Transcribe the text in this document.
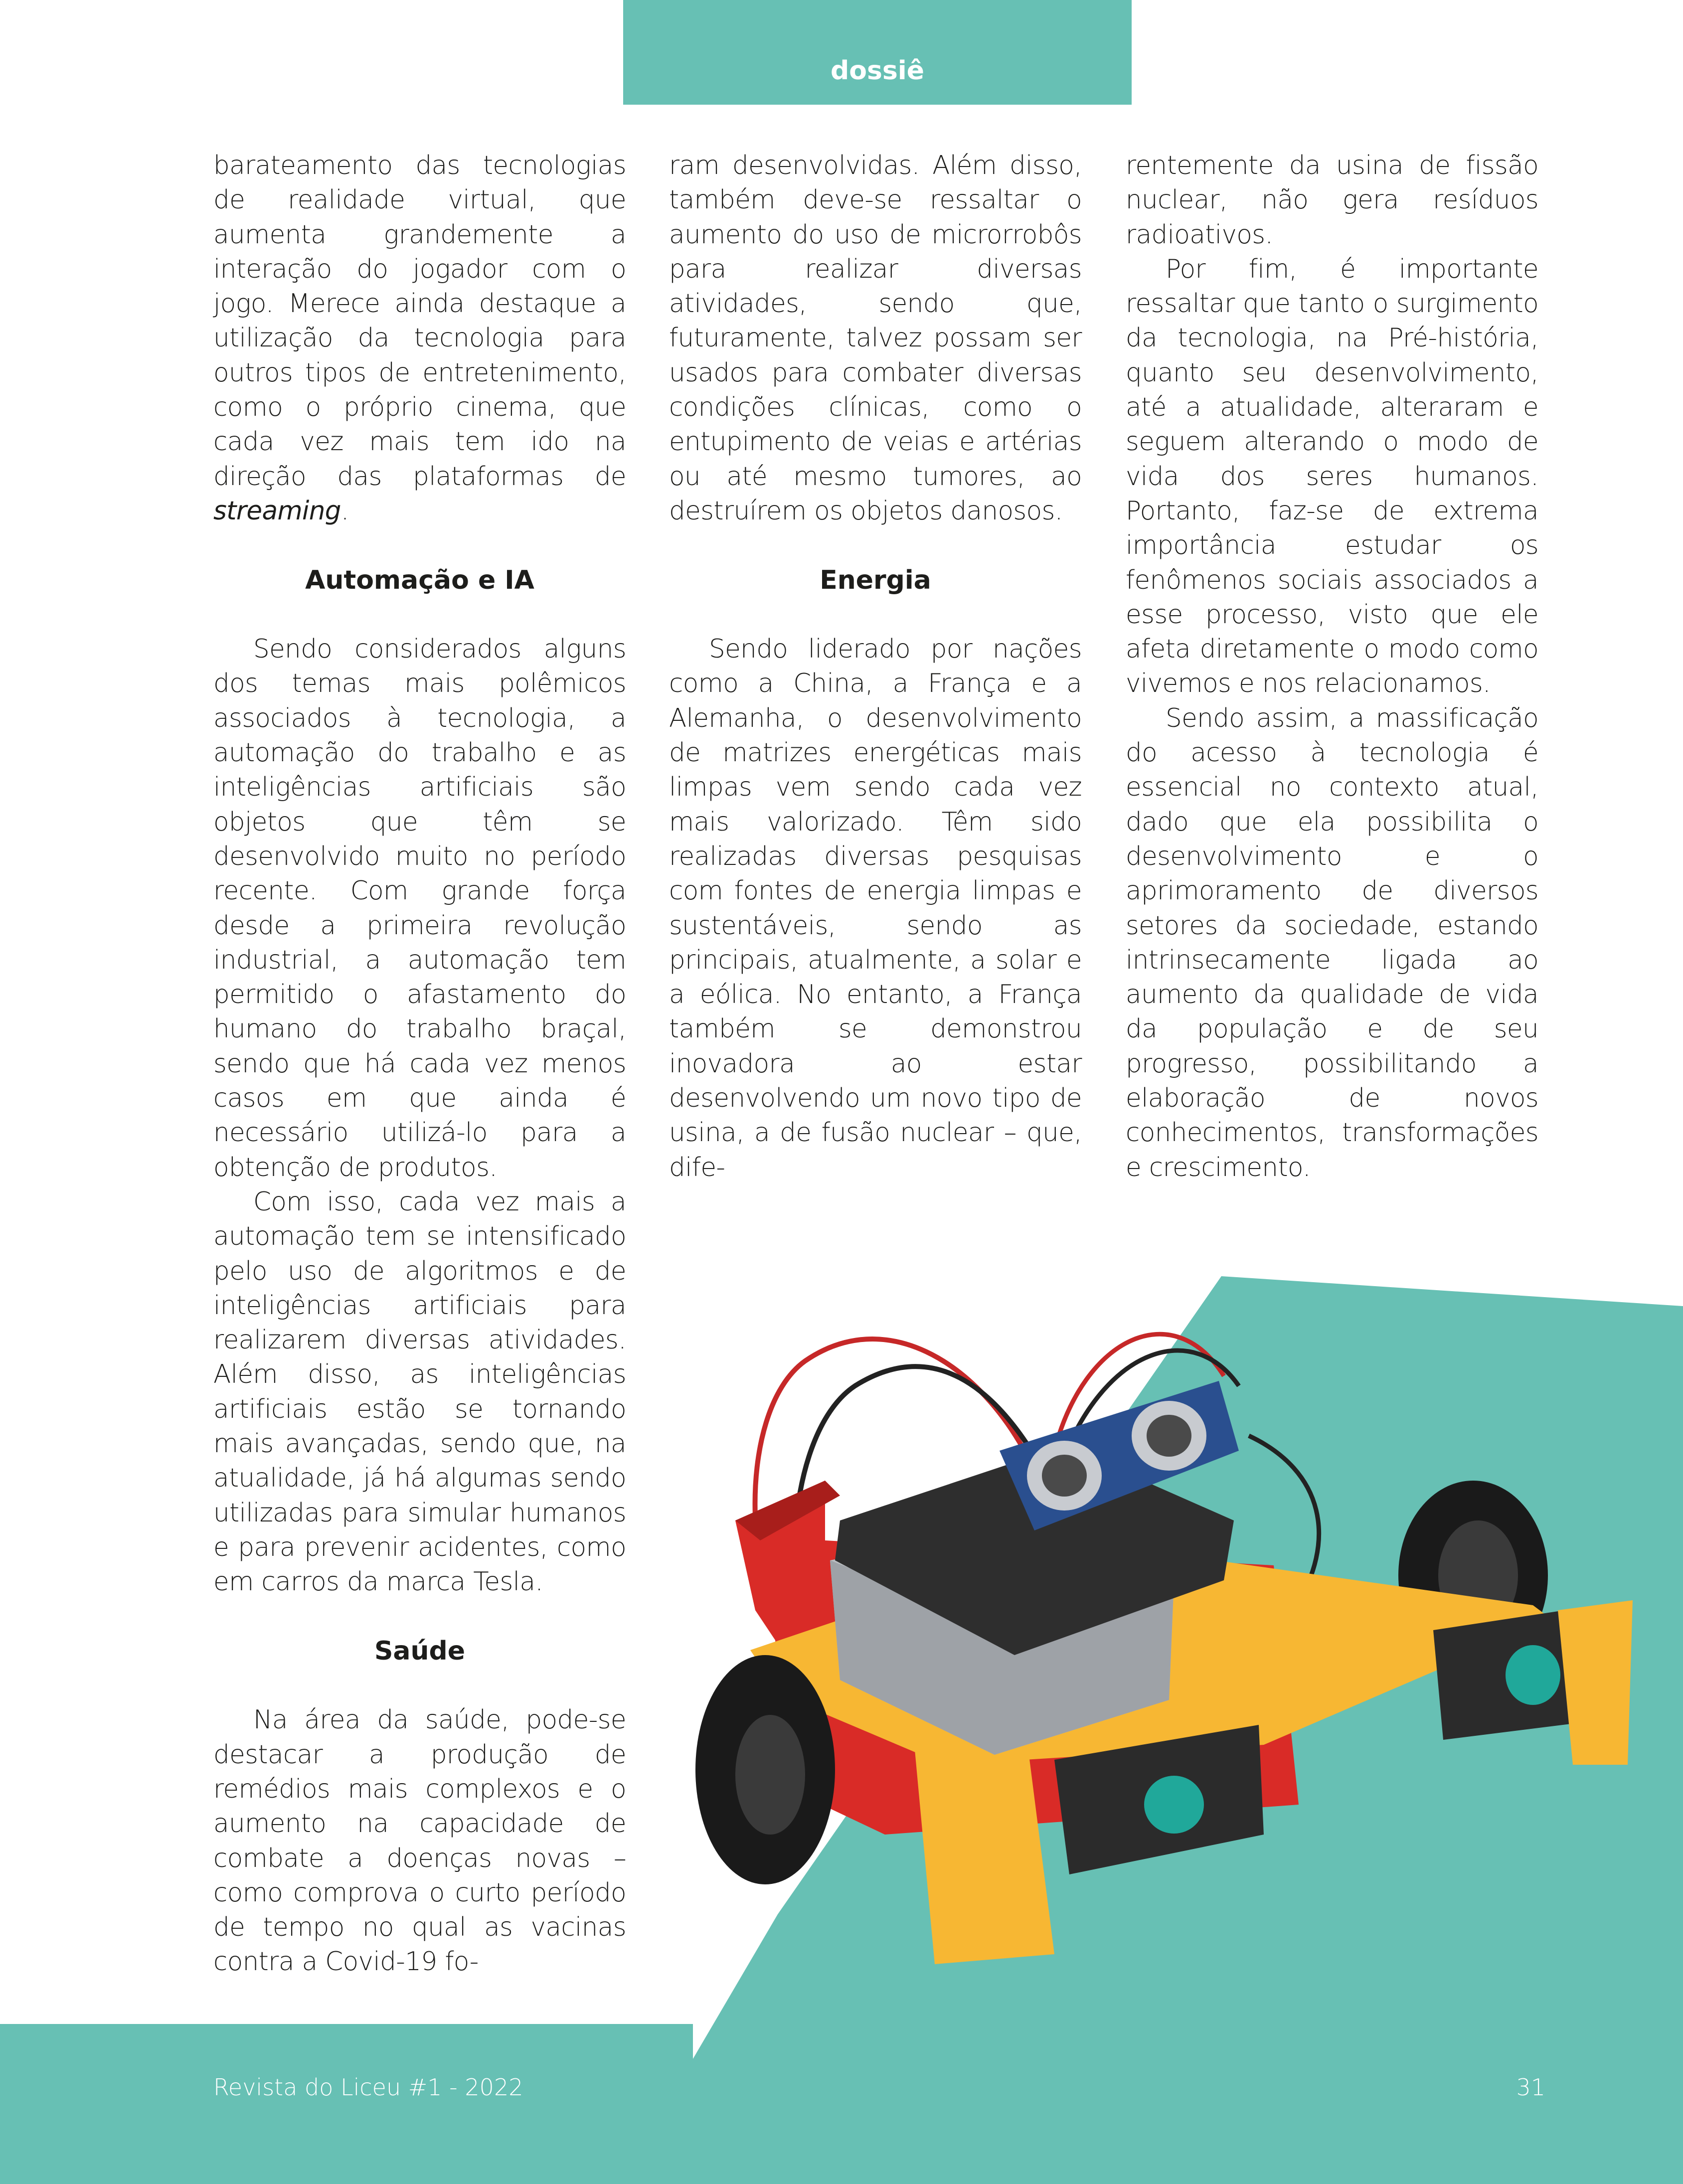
dossiê

barateamento das tecnologias de realidade virtual, que aumenta grandemente a interação do jogador com o jogo. Merece ainda destaque a utilização da tecnologia para outros tipos de entretenimento, como o próprio cinema, que cada vez mais tem ido na direção das plataformas de streaming.

Automação e IA

Sendo considerados alguns dos temas mais polêmicos associados à tecnologia, a automação do trabalho e as inteligências artificiais são objetos que têm se desenvolvido muito no período recente. Com grande força desde a primeira revolução industrial, a automação tem permitido o afastamento do humano do trabalho braçal, sendo que há cada vez menos casos em que ainda é necessário utilizá-lo para a obtenção de produtos.

Com isso, cada vez mais a automação tem se intensificado pelo uso de algoritmos e de inteligências artificiais para realizarem diversas atividades. Além disso, as inteligências artificiais estão se tornando mais avançadas, sendo que, na atualidade, já há algumas sendo utilizadas para simular humanos e para prevenir acidentes, como em carros da marca Tesla.

Saúde

Na área da saúde, pode-se destacar a produção de remédios mais complexos e o aumento na capacidade de combate a doenças novas – como comprova o curto período de tempo no qual as vacinas contra a Covid-19 fo-

ram desenvolvidas. Além disso, também deve-se ressaltar o aumento do uso de microrrobôs para realizar diversas atividades, sendo que, futuramente, talvez possam ser usados para combater diversas condições clínicas, como o entupimento de veias e artérias ou até mesmo tumores, ao destruírem os objetos danosos.

Energia

Sendo liderado por nações como a China, a França e a Alemanha, o desenvolvimento de matrizes energéticas mais limpas vem sendo cada vez mais valorizado. Têm sido realizadas diversas pesquisas com fontes de energia limpas e sustentáveis, sendo as principais, atualmente, a solar e a eólica. No entanto, a França também se demonstrou inovadora ao estar desenvolvendo um novo tipo de usina, a de fusão nuclear – que, dife-

rentemente da usina de fissão nuclear, não gera resíduos radioativos.

Por fim, é importante ressaltar que tanto o surgimento da tecnologia, na Pré-história, quanto seu desenvolvimento, até a atualidade, alteraram e seguem alterando o modo de vida dos seres humanos. Portanto, faz-se de extrema importância estudar os fenômenos sociais associados a esse processo, visto que ele afeta diretamente o modo como vivemos e nos relacionamos.

Sendo assim, a massificação do acesso à tecnologia é essencial no contexto atual, dado que ela possibilita o desenvolvimento e o aprimoramento de diversos setores da sociedade, estando intrinsecamente ligada ao aumento da qualidade de vida da população e de seu progresso, possibilitando a elaboração de novos conhecimentos, transformações e crescimento.

Revista do Liceu #1 - 2022	31
